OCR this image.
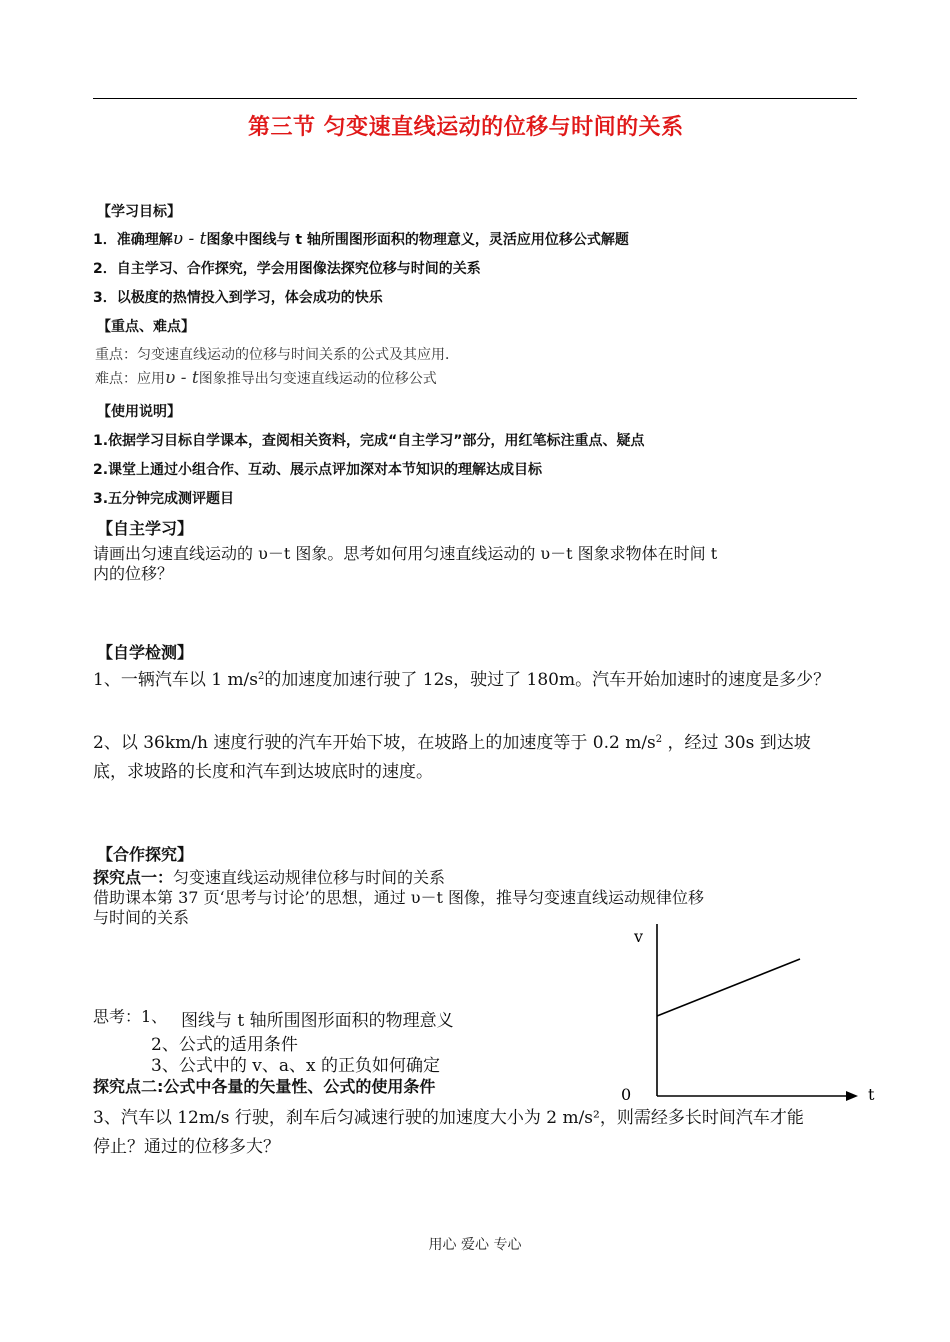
第三节 匀变速直线运动的位移与时间的关系
【学习目标】
1．准确理解υ - t图象中图线与 t 轴所围图形面积的物理意义，灵活应用位移公式解题
2．自主学习、合作探究，学会用图像法探究位移与时间的关系
3．以极度的热情投入到学习，体会成功的快乐
【重点、难点】
重点：匀变速直线运动的位移与时间关系的公式及其应用．
难点：应用υ - t图象推导出匀变速直线运动的位移公式
【使用说明】
1.依据学习目标自学课本，查阅相关资料，完成“自主学习”部分，用红笔标注重点、疑点
2.课堂上通过小组合作、互动、展示点评加深对本节知识的理解达成目标
3.五分钟完成测评题目
【自主学习】
请画出匀速直线运动的 υ－t 图象。思考如何用匀速直线运动的 υ－t 图象求物体在时间 t
内的位移？
【自学检测】
1、一辆汽车以 1 $m/s^2$的加速度加速行驶了 12s，驶过了 180m。汽车开始加速时的速度是多少？
2、以 36km/h 速度行驶的汽车开始下坡，在坡路上的加速度等于 0.2 $m/s^2$ ，经过 30s 到达坡
底，求坡路的长度和汽车到达坡底时的速度。
【合作探究】
探究点一：匀变速直线运动规律位移与时间的关系
借助课本第 37 页‘思考与讨论’的思想，通过 υ－t 图像，推导匀变速直线运动规律位移
与时间的关系
思考：1、 图线与 t 轴所围图形面积的物理意义
2、公式的适用条件
3、公式中的 v、a、x 的正负如何确定
探究点二:公式中各量的矢量性、公式的使用条件
3、汽车以 12m/s 行驶，刹车后匀减速行驶的加速度大小为 2 m/s²，则需经多长时间汽车才能
停止？通过的位移多大？
v
t
0
用心 爱心 专心
